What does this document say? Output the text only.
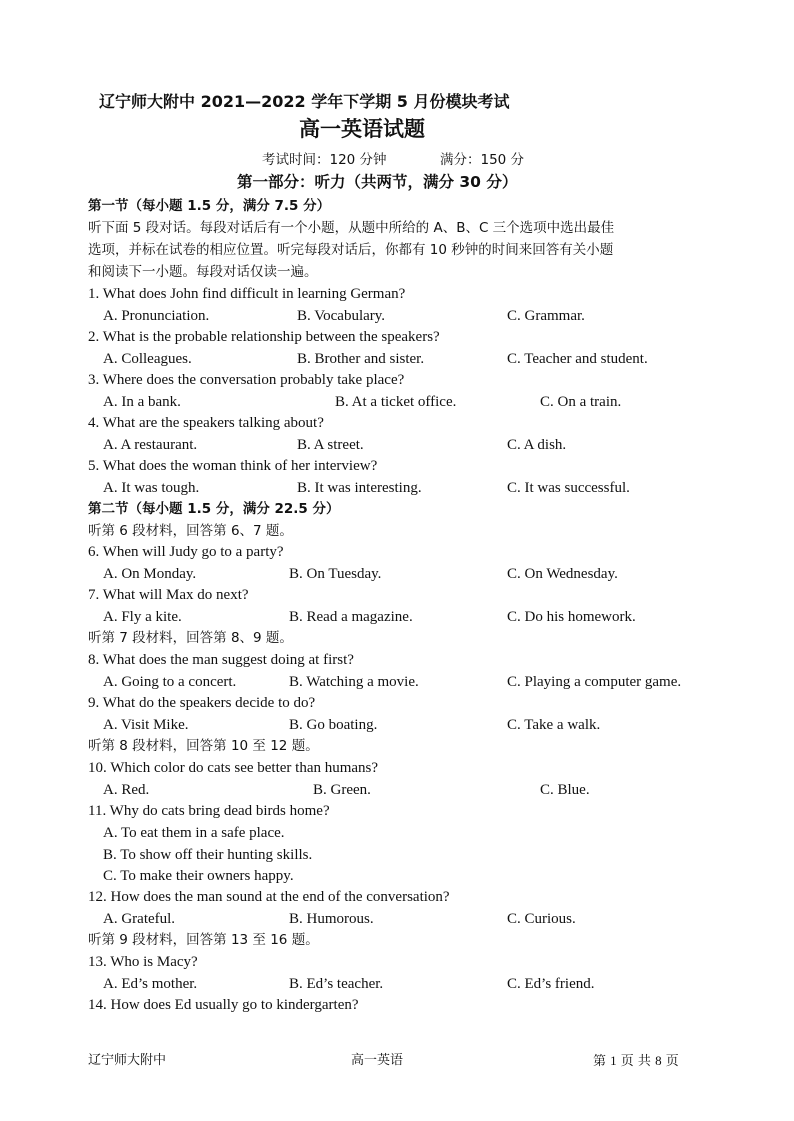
辽宁师大附中 2021—2022 学年下学期 5 月份模块考试
高一英语试题
考试时间：120 分钟	满分：150 分
第一部分：听力（共两节，满分 30 分）
第一节（每小题 1.5 分，满分 7.5 分）
听下面 5 段对话。每段对话后有一个小题，从题中所给的 A、B、C 三个选项中选出最佳
选项，并标在试卷的相应位置。听完每段对话后，你都有 10 秒钟的时间来回答有关小题
和阅读下一小题。每段对话仅读一遍。
1. What does John find difficult in learning German?
A. Pronunciation.	B. Vocabulary.	C. Grammar.
2. What is the probable relationship between the speakers?
A. Colleagues.	B. Brother and sister.	C. Teacher and student.
3. Where does the conversation probably take place?
A. In a bank.	B. At a ticket office.	C. On a train.
4. What are the speakers talking about?
A. A restaurant.	B. A street.	C. A dish.
5. What does the woman think of her interview?
A. It was tough.	B. It was interesting.	C. It was successful.
第二节（每小题 1.5 分，满分 22.5 分）
听第 6 段材料，回答第 6、7 题。
6. When will Judy go to a party?
A. On Monday.	B. On Tuesday.	C. On Wednesday.
7. What will Max do next?
A. Fly a kite.	B. Read a magazine.	C. Do his homework.
听第 7 段材料，回答第 8、9 题。
8. What does the man suggest doing at first?
A. Going to a concert.	B. Watching a movie.	C. Playing a computer game.
9. What do the speakers decide to do?
A. Visit Mike.	B. Go boating.	C. Take a walk.
听第 8 段材料，回答第 10 至 12 题。
10. Which color do cats see better than humans?
A. Red.	B. Green.	C. Blue.
11. Why do cats bring dead birds home?
A. To eat them in a safe place.
B. To show off their hunting skills.
C. To make their owners happy.
12. How does the man sound at the end of the conversation?
A. Grateful.	B. Humorous.	C. Curious.
听第 9 段材料，回答第 13 至 16 题。
13. Who is Macy?
A. Ed’s mother.	B. Ed’s teacher.	C. Ed’s friend.
14. How does Ed usually go to kindergarten?
辽宁师大附中	高一英语	第 1 页 共 8 页
